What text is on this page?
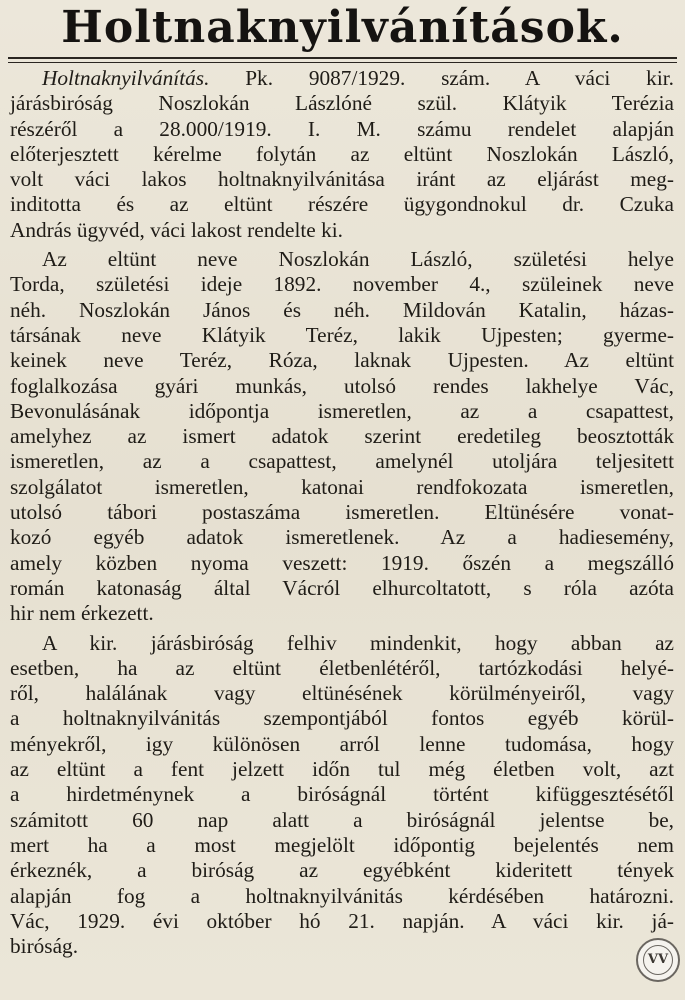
Holtnaknyilvánítások.
Holtnaknyilvánítás. Pk. 9087/1929. szám. A váci kir.
járásbiróság Noszlokán Lászlóné szül. Klátyik Terézia
részéről a 28.000/1919. I. M. számu rendelet alapján
előterjesztett kérelme folytán az eltünt Noszlokán László,
volt váci lakos holtnaknyilvánitása iránt az eljárást meg-
inditotta és az eltünt részére ügygondnokul dr. Czuka
András ügyvéd, váci lakost rendelte ki.
Az eltünt neve Noszlokán László, születési helye
Torda, születési ideje 1892. november 4., szüleinek neve
néh. Noszlokán János és néh. Mildován Katalin, házas-
társának neve Klátyik Teréz, lakik Ujpesten; gyerme-
keinek neve Teréz, Róza, laknak Ujpesten. Az eltünt
foglalkozása gyári munkás, utolsó rendes lakhelye Vác,
Bevonulásának időpontja ismeretlen, az a csapattest,
amelyhez az ismert adatok szerint eredetileg beosztották
ismeretlen, az a csapattest, amelynél utoljára teljesitett
szolgálatot ismeretlen, katonai rendfokozata ismeretlen,
utolsó tábori postaszáma ismeretlen. Eltünésére vonat-
kozó egyéb adatok ismeretlenek. Az a hadiesemény,
amely közben nyoma veszett: 1919. őszén a megszálló
román katonaság által Vácról elhurcoltatott, s róla azóta
hir nem érkezett.
A kir. járásbiróság felhiv mindenkit, hogy abban az
esetben, ha az eltünt életbenlétéről, tartózkodási helyé-
ről, halálának vagy eltünésének körülményeiről, vagy
a holtnaknyilvánitás szempontjából fontos egyéb körül-
ményekről, igy különösen arról lenne tudomása, hogy
az eltünt a fent jelzett időn tul még életben volt, azt
a hirdetménynek a biróságnál történt kifüggesztésétől
számitott 60 nap alatt a biróságnál jelentse be,
mert ha a most megjelölt időpontig bejelentés nem
érkeznék, a biróság az egyébként kideritett tények
alapján fog a holtnaknyilvánitás kérdésében határozni.
Vác, 1929. évi október hó 21. napján. A váci kir. já-
biróság.
VV
